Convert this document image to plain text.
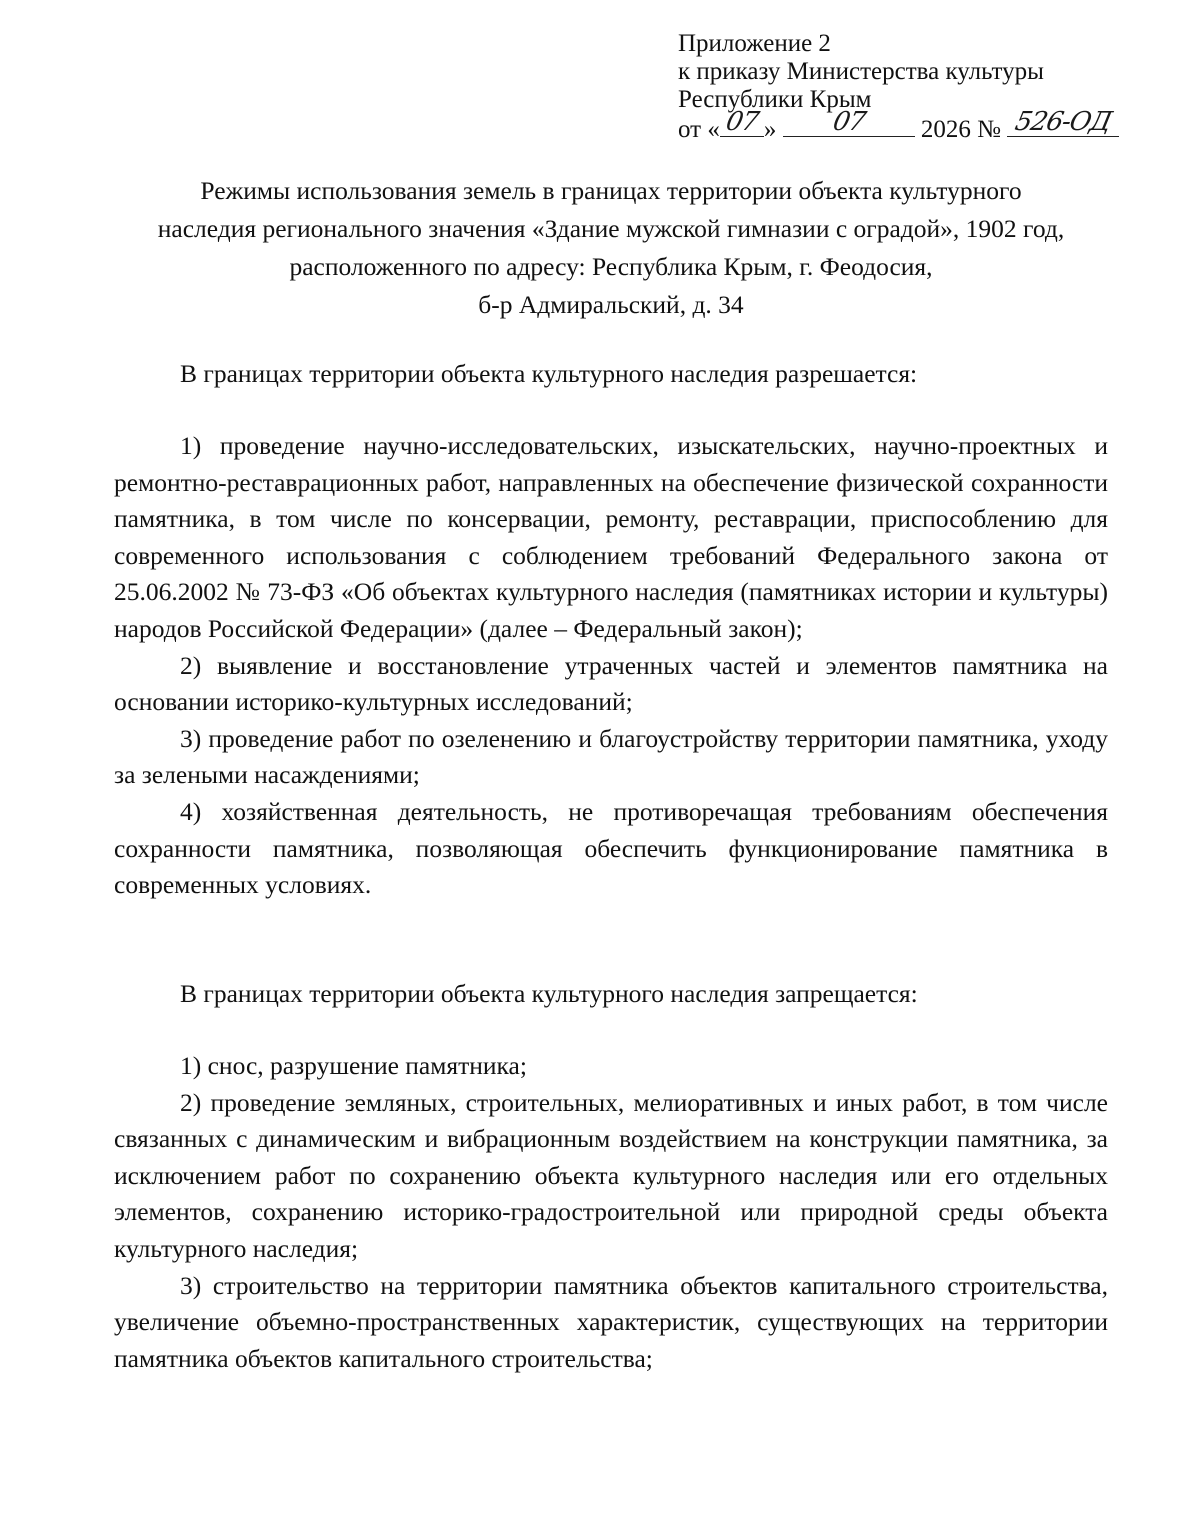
Приложение 2
к приказу Министерства культуры
Республики Крым
от « 07 »	07	2026 № 526-ОД
Режимы использования земель в границах территории объекта культурного
наследия регионального значения «Здание мужской гимназии с оградой», 1902 год,
расположенного по адресу: Республика Крым, г. Феодосия,
б-р Адмиральский, д. 34
В границах территории объекта культурного наследия разрешается:

1) проведение научно-исследовательских, изыскательских, научно-проектных и ремонтно-реставрационных работ, направленных на обеспечение физической сохранности памятника, в том числе по консервации, ремонту, реставрации, приспособлению для современного использования с соблюдением требований Федерального закона от 25.06.2002 № 73-ФЗ «Об объектах культурного наследия (памятниках истории и культуры) народов Российской Федерации» (далее – Федеральный закон);

2) выявление и восстановление утраченных частей и элементов памятника на основании историко-культурных исследований;

3) проведение работ по озеленению и благоустройству территории памятника, уходу за зелеными насаждениями;

4) хозяйственная деятельность, не противоречащая требованиям обеспечения сохранности памятника, позволяющая обеспечить функционирование памятника в современных условиях.

В границах территории объекта культурного наследия запрещается:

1) снос, разрушение памятника;

2) проведение земляных, строительных, мелиоративных и иных работ, в том числе связанных с динамическим и вибрационным воздействием на конструкции памятника, за исключением работ по сохранению объекта культурного наследия или его отдельных элементов, сохранению историко-градостроительной или природной среды объекта культурного наследия;

3) строительство на территории памятника объектов капитального строительства, увеличение объемно-пространственных характеристик, существующих на территории памятника объектов капитального строительства;
